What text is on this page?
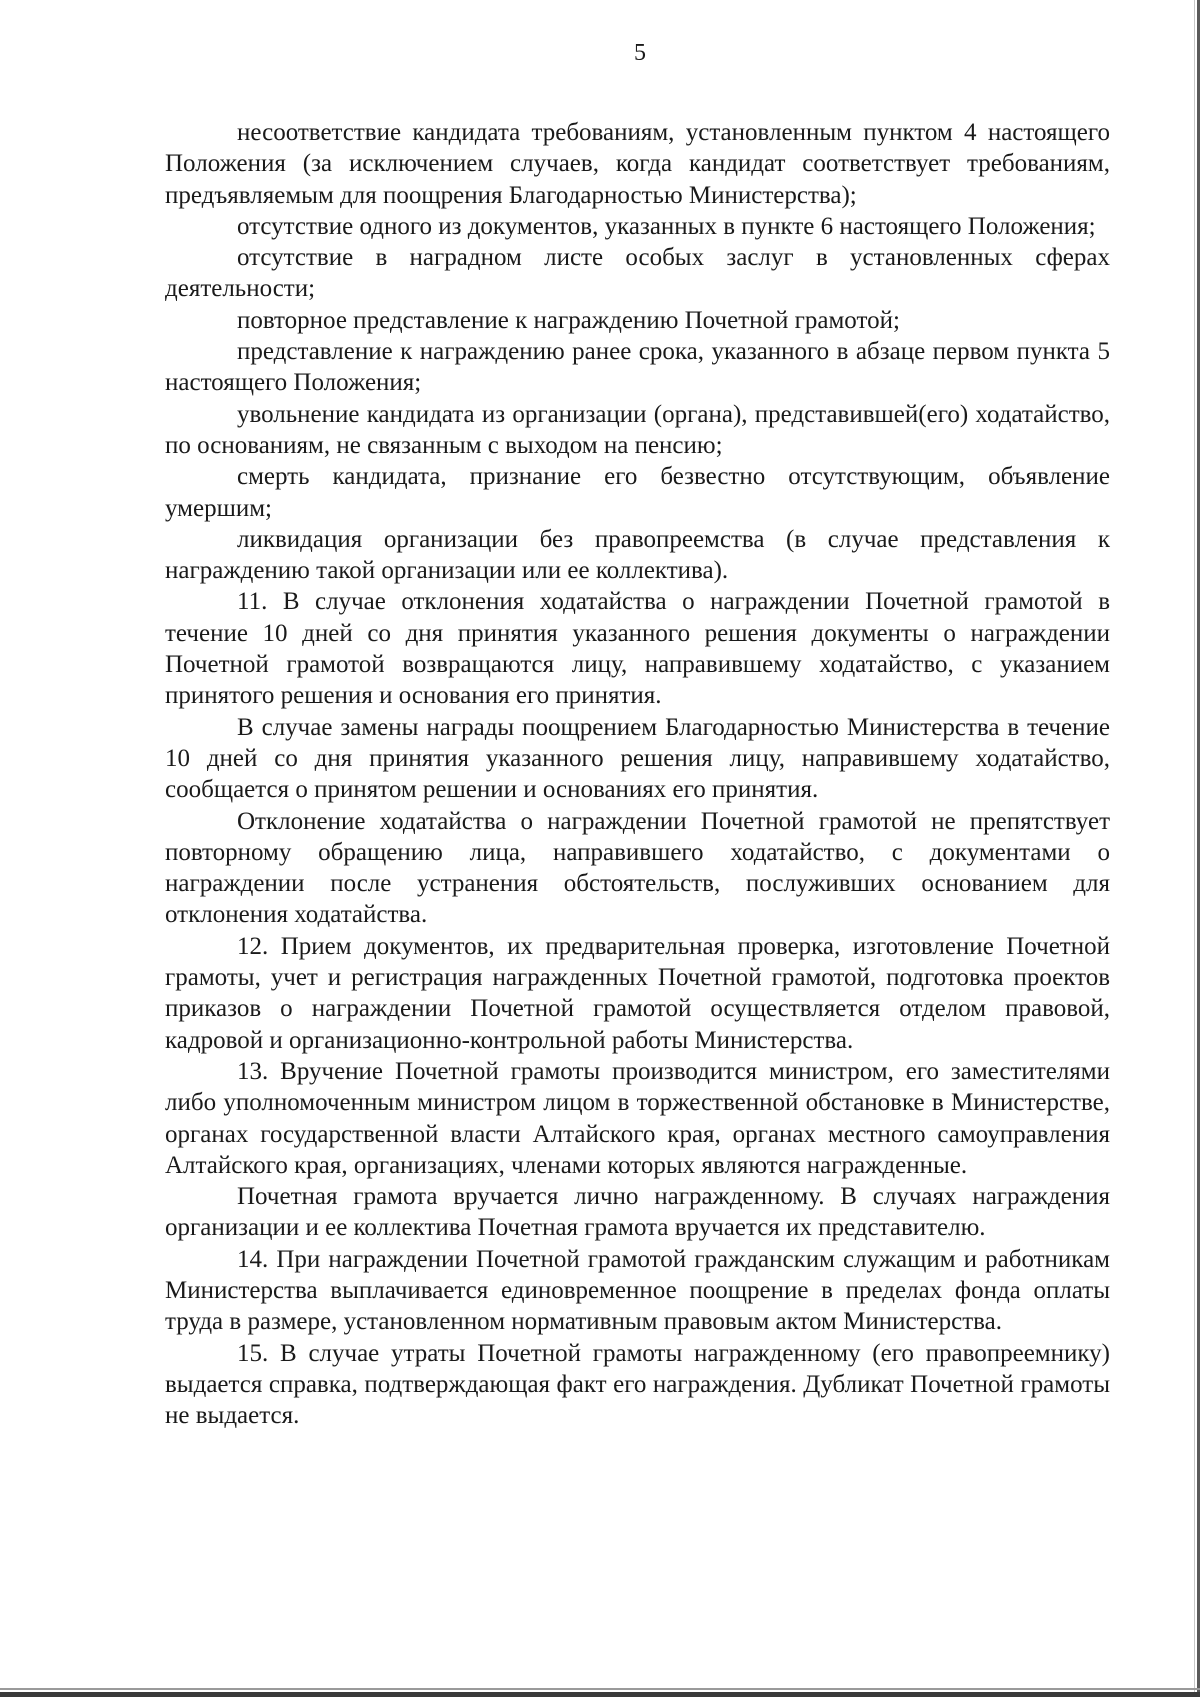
5

несоответствие кандидата требованиям, установленным пунктом 4 настоящего Положения (за исключением случаев, когда кандидат соответствует требованиям, предъявляемым для поощрения Благодарностью Министерства);

отсутствие одного из документов, указанных в пункте 6 настоящего Положения;

отсутствие в наградном листе особых заслуг в установленных сферах деятельности;

повторное представление к награждению Почетной грамотой;

представление к награждению ранее срока, указанного в абзаце первом пункта 5 настоящего Положения;

увольнение кандидата из организации (органа), представившей(его) ходатайство, по основаниям, не связанным с выходом на пенсию;

смерть кандидата, признание его безвестно отсутствующим, объявление умершим;

ликвидация организации без правопреемства (в случае представления к награждению такой организации или ее коллектива).

11. В случае отклонения ходатайства о награждении Почетной грамотой в течение 10 дней со дня принятия указанного решения документы о награждении Почетной грамотой возвращаются лицу, направившему ходатайство, с указанием принятого решения и основания его принятия.

В случае замены награды поощрением Благодарностью Министерства в течение 10 дней со дня принятия указанного решения лицу, направившему ходатайство, сообщается о принятом решении и основаниях его принятия.

Отклонение ходатайства о награждении Почетной грамотой не препятствует повторному обращению лица, направившего ходатайство, с документами о награждении после устранения обстоятельств, послуживших основанием для отклонения ходатайства.

12. Прием документов, их предварительная проверка, изготовление Почетной грамоты, учет и регистрация награжденных Почетной грамотой, подготовка проектов приказов о награждении Почетной грамотой осуществляется отделом правовой, кадровой и организационно-контрольной работы Министерства.

13. Вручение Почетной грамоты производится министром, его заместителями либо уполномоченным министром лицом в торжественной обстановке в Министерстве, органах государственной власти Алтайского края, органах местного самоуправления Алтайского края, организациях, членами которых являются награжденные.

Почетная грамота вручается лично награжденному. В случаях награждения организации и ее коллектива Почетная грамота вручается их представителю.

14. При награждении Почетной грамотой гражданским служащим и работникам Министерства выплачивается единовременное поощрение в пределах фонда оплаты труда в размере, установленном нормативным правовым актом Министерства.

15. В случае утраты Почетной грамоты награжденному (его правопреемнику) выдается справка, подтверждающая факт его награждения. Дубликат Почетной грамоты не выдается.
